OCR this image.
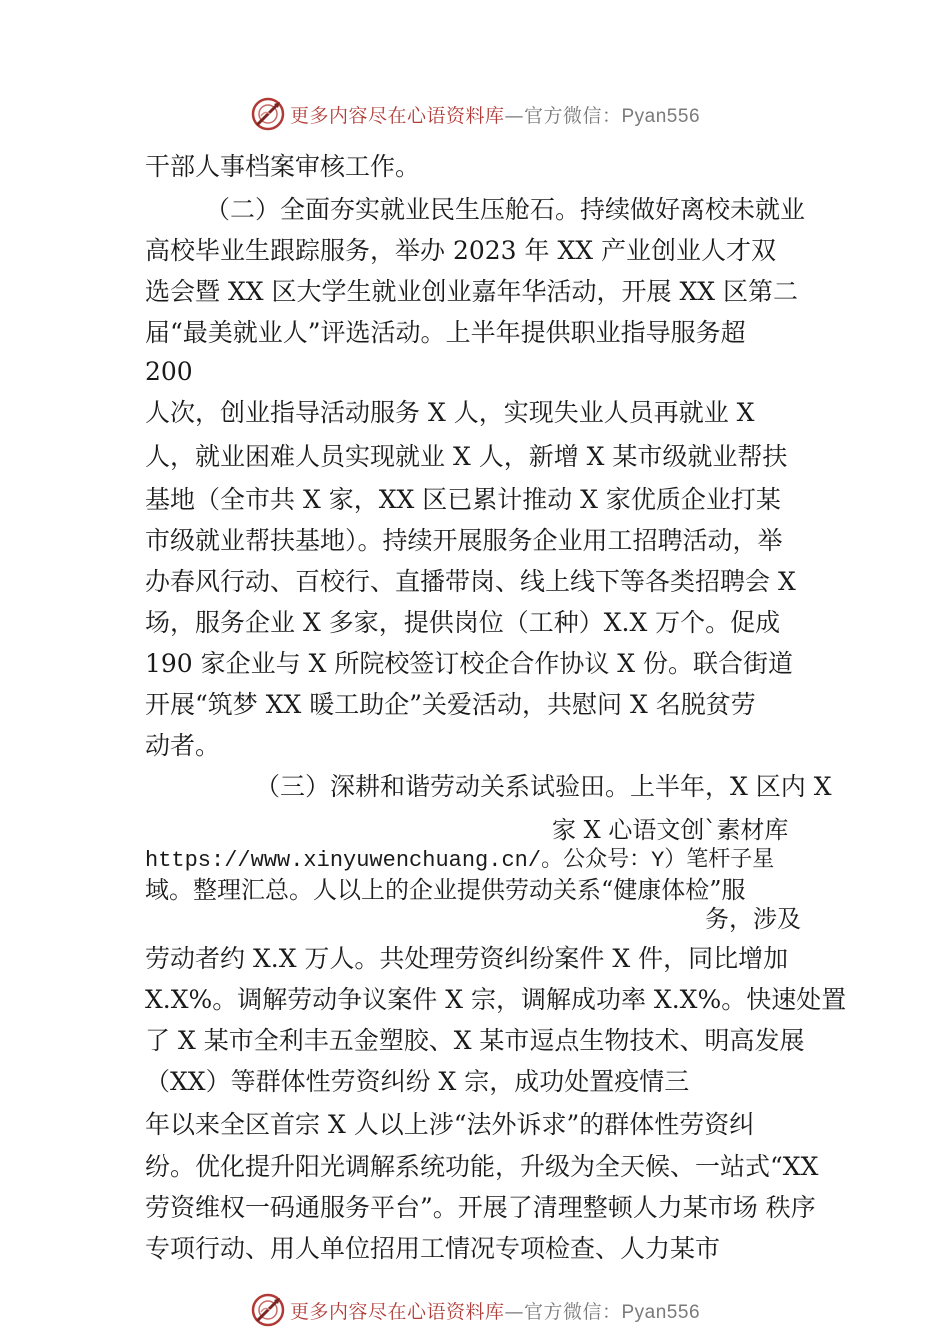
更多内容尽在心语资料库—官方微信：Pyan556
干部人事档案审核工作。
（二）全面夯实就业民生压舱石。持续做好离校未就业
高校毕业生跟踪服务，举办 2023 年 XX 产业创业人才双
选会暨 XX 区大学生就业创业嘉年华活动，开展 XX 区第二
届“最美就业人”评选活动。上半年提供职业指导服务超
200
人次，创业指导活动服务 X 人，实现失业人员再就业 X
人，就业困难人员实现就业 X 人，新增 X 某市级就业帮扶
基地（全市共 X 家，XX 区已累计推动 X 家优质企业打某
市级就业帮扶基地）。持续开展服务企业用工招聘活动，举
办春风行动、百校行、直播带岗、线上线下等各类招聘会 X
场，服务企业 X 多家，提供岗位（工种）X.X 万个。促成
190 家企业与 X 所院校签订校企合作协议 X 份。联合街道
开展“筑梦 XX 暖工助企”关爱活动，共慰问 X 名脱贫劳
动者。
（三）深耕和谐劳动关系试验田。上半年，X 区内 X
家 X 心语文创`素材库
https://www.xinyuwenchuang.cn/。公众号：Y）笔杆子星
域。整理汇总。人以上的企业提供劳动关系“健康体检”服
务，涉及
劳动者约 X.X 万人。共处理劳资纠纷案件 X 件，同比增加
X.X%。调解劳动争议案件 X 宗，调解成功率 X.X%。快速处置
了 X 某市全利丰五金塑胶、X 某市逗点生物技术、明高发展
（XX）等群体性劳资纠纷 X 宗，成功处置疫情三
年以来全区首宗 X 人以上涉“法外诉求”的群体性劳资纠
纷。优化提升阳光调解系统功能，升级为全天候、一站式“XX
劳资维权一码通服务平台”。开展了清理整顿人力某市场 秩序
专项行动、用人单位招用工情况专项检查、人力某市
更多内容尽在心语资料库—官方微信：Pyan556
